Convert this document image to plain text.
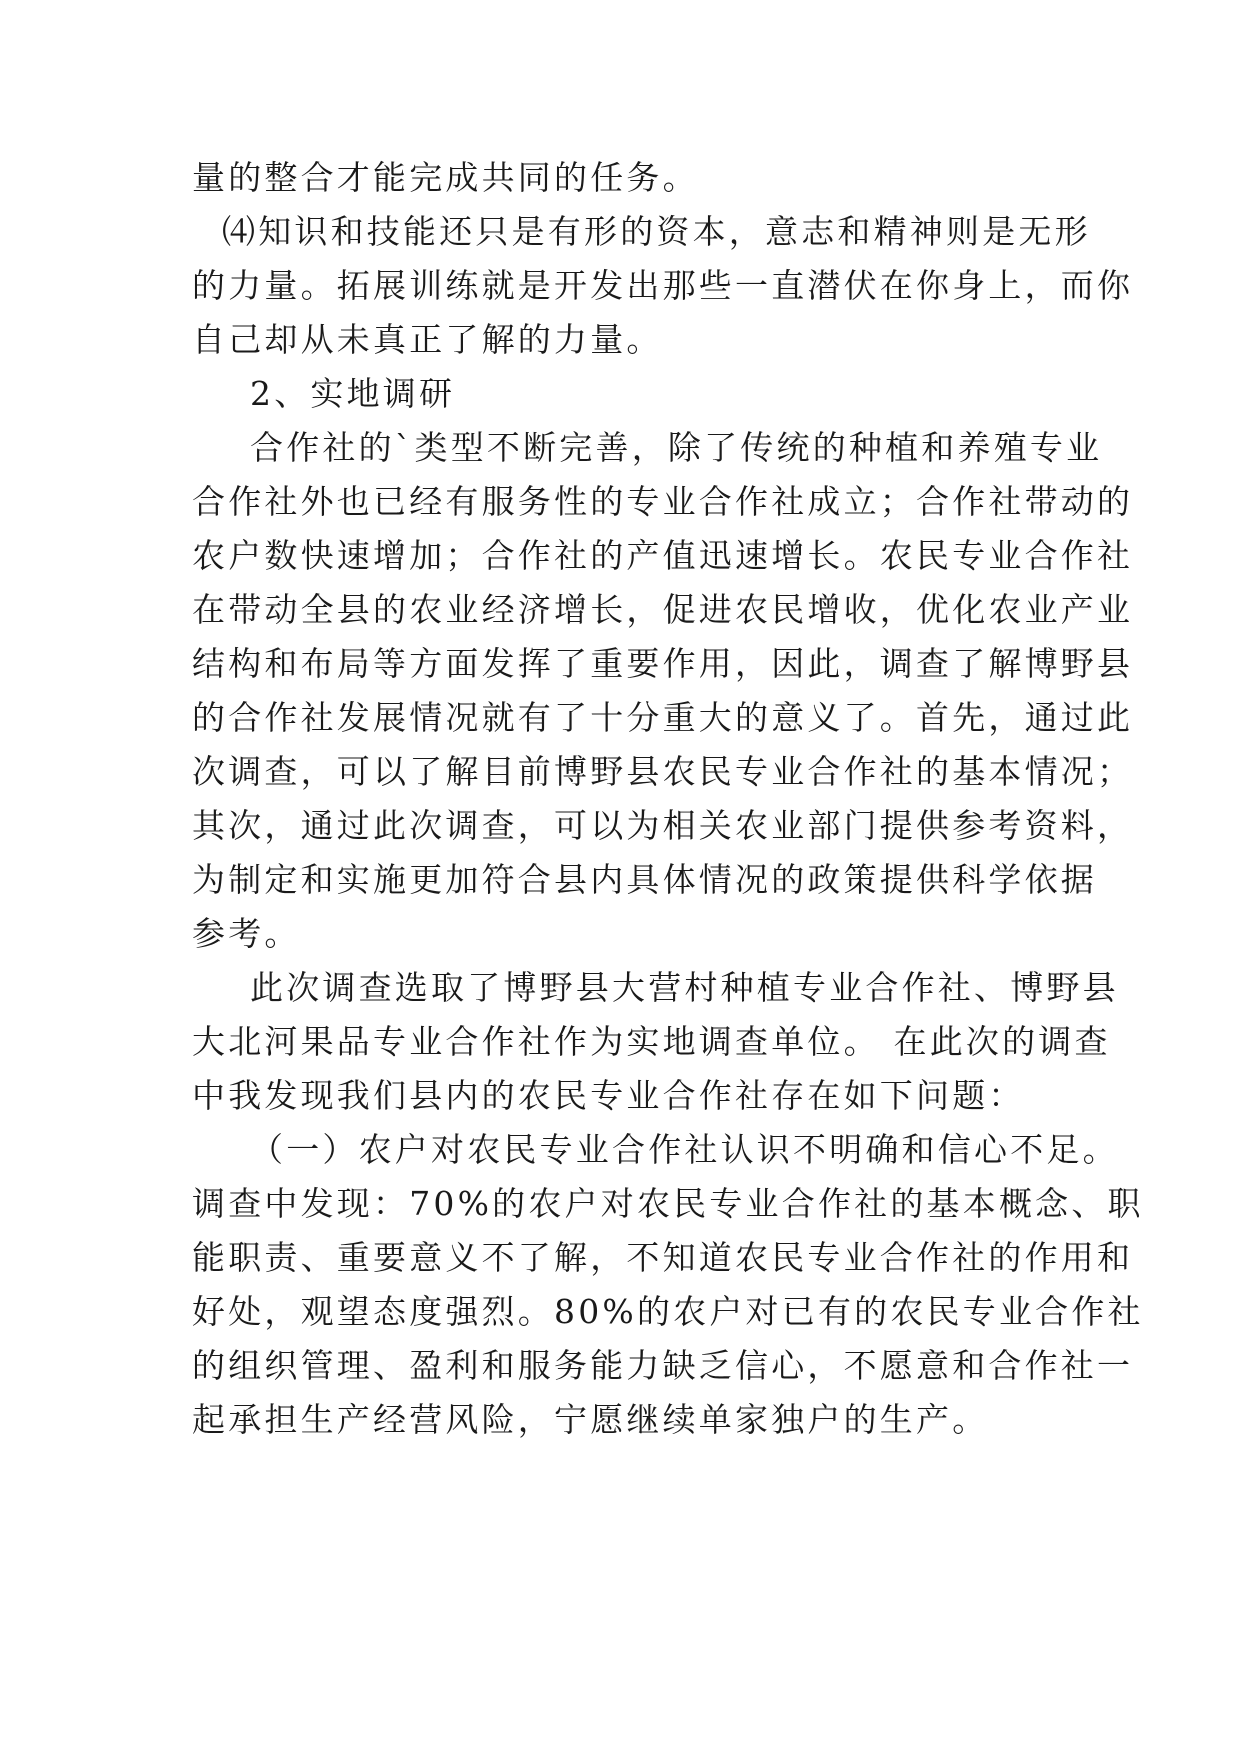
量的整合才能完成共同的任务。
⑷知识和技能还只是有形的资本，意志和精神则是无形
的力量。拓展训练就是开发出那些一直潜伏在你身上，而你
自己却从未真正了解的力量。
2、实地调研
合作社的`类型不断完善，除了传统的种植和养殖专业
合作社外也已经有服务性的专业合作社成立；合作社带动的
农户数快速增加；合作社的产值迅速增长。农民专业合作社
在带动全县的农业经济增长，促进农民增收，优化农业产业
结构和布局等方面发挥了重要作用，因此，调查了解博野县
的合作社发展情况就有了十分重大的意义了。首先，通过此
次调查，可以了解目前博野县农民专业合作社的基本情况；
其次，通过此次调查，可以为相关农业部门提供参考资料，
为制定和实施更加符合县内具体情况的政策提供科学依据
参考。
此次调查选取了博野县大营村种植专业合作社、博野县
大北河果品专业合作社作为实地调查单位。 在此次的调查
中我发现我们县内的农民专业合作社存在如下问题：
（一）农户对农民专业合作社认识不明确和信心不足。
调查中发现：70%的农户对农民专业合作社的基本概念、职
能职责、重要意义不了解，不知道农民专业合作社的作用和
好处，观望态度强烈。80%的农户对已有的农民专业合作社
的组织管理、盈利和服务能力缺乏信心，不愿意和合作社一
起承担生产经营风险，宁愿继续单家独户的生产。
